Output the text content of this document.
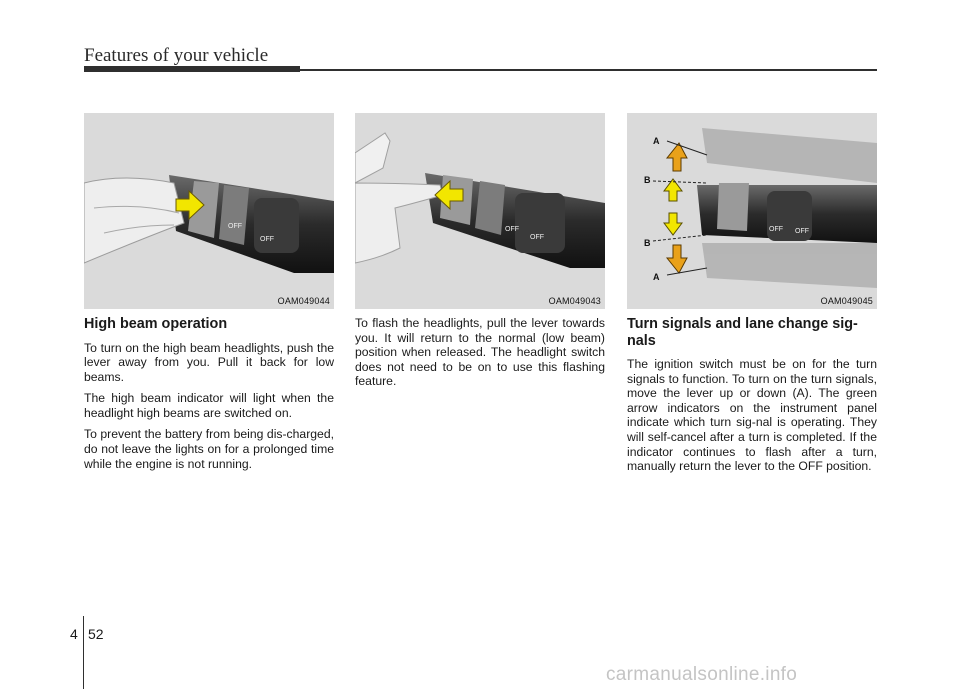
Features of your vehicle
OFF
OFF
OAM049044
OFF
OFF
OAM049043
OFF OFF
A
B
B
A
OAM049045
High beam operation

To turn on the high beam headlights, push the lever away from you. Pull it back for low beams.

The high beam indicator will light when the headlight high beams are switched on.

To prevent the battery from being dis-charged, do not leave the lights on for a prolonged time while the engine is not running.

To flash the headlights, pull the lever towards you. It will return to the normal (low beam) position when released. The headlight switch does not need to be on to use this flashing feature.

Turn signals and lane change sig-nals

The ignition switch must be on for the turn signals to function. To turn on the turn signals, move the lever up or down (A). The green arrow indicators on the instrument panel indicate which turn sig-nal is operating. They will self-cancel after a turn is completed. If the indicator continues to flash after a turn, manually return the lever to the OFF position.

4 52
carmanualsonline.info
